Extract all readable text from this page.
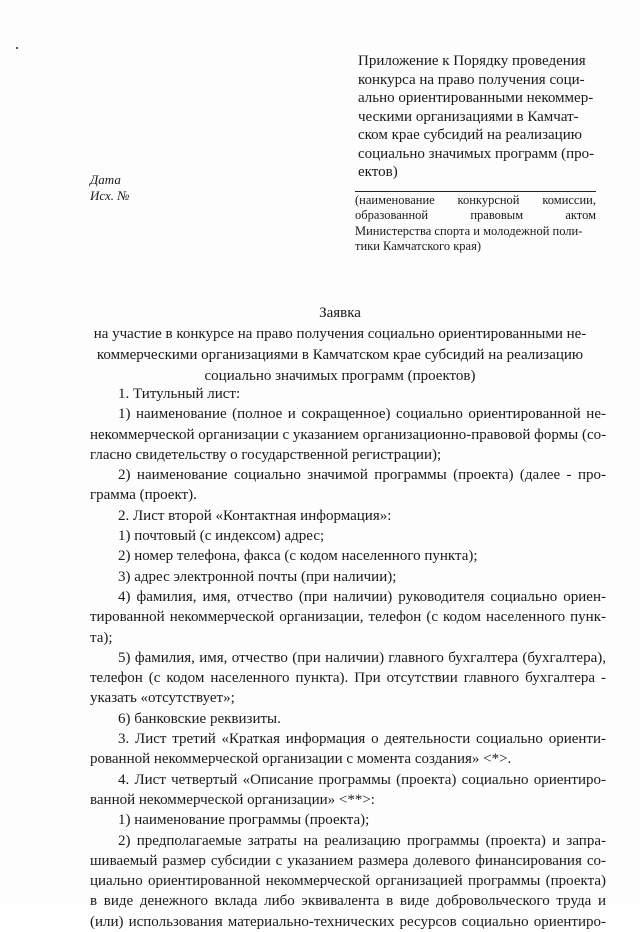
Приложение к Порядку проведения
конкурса на право получения соци-
ально ориентированными некоммер-
ческими организациями в Камчат-
ском крае субсидий на реализацию
социально значимых программ (про-
ектов)
Дата
Исх. №	(наименование конкурсной комиссии,
образованной правовым актом
Министерства спорта и молодежной поли-
тики Камчатского края)
Заявка
на участие в конкурсе на право получения социально ориентированными не-
коммерческими организациями в Камчатском крае субсидий на реализацию
социально значимых программ (проектов)
1. Титульный лист:
1) наименование (полное и сокращенное) социально ориентированной не-
некоммерческой организации с указанием организационно-правовой формы (со-
гласно свидетельству о государственной регистрации);
2) наименование социально значимой программы (проекта) (далее - про-
грамма (проект).
2. Лист второй «Контактная информация»:
1) почтовый (с индексом) адрес;
2) номер телефона, факса (с кодом населенного пункта);
3) адрес электронной почты (при наличии);
4) фамилия, имя, отчество (при наличии) руководителя социально ориен-
тированной некоммерческой организации, телефон (с кодом населенного пунк-
та);
5) фамилия, имя, отчество (при наличии) главного бухгалтера (бухгалтера),
телефон (с кодом населенного пункта). При отсутствии главного бухгалтера -
указать «отсутствует»;
6) банковские реквизиты.
3. Лист третий «Краткая информация о деятельности социально ориенти-
рованной некоммерческой организации с момента создания» <*>.
4. Лист четвертый «Описание программы (проекта) социально ориентиро-
ванной некоммерческой организации» <**>:
1) наименование программы (проекта);
2) предполагаемые затраты на реализацию программы (проекта) и запра-
шиваемый размер субсидии с указанием размера долевого финансирования со-
циально ориентированной некоммерческой организацией программы (проекта)
в виде денежного вклада либо эквивалента в виде добровольческого труда и
(или) использования материально-технических ресурсов социально ориентиро-
